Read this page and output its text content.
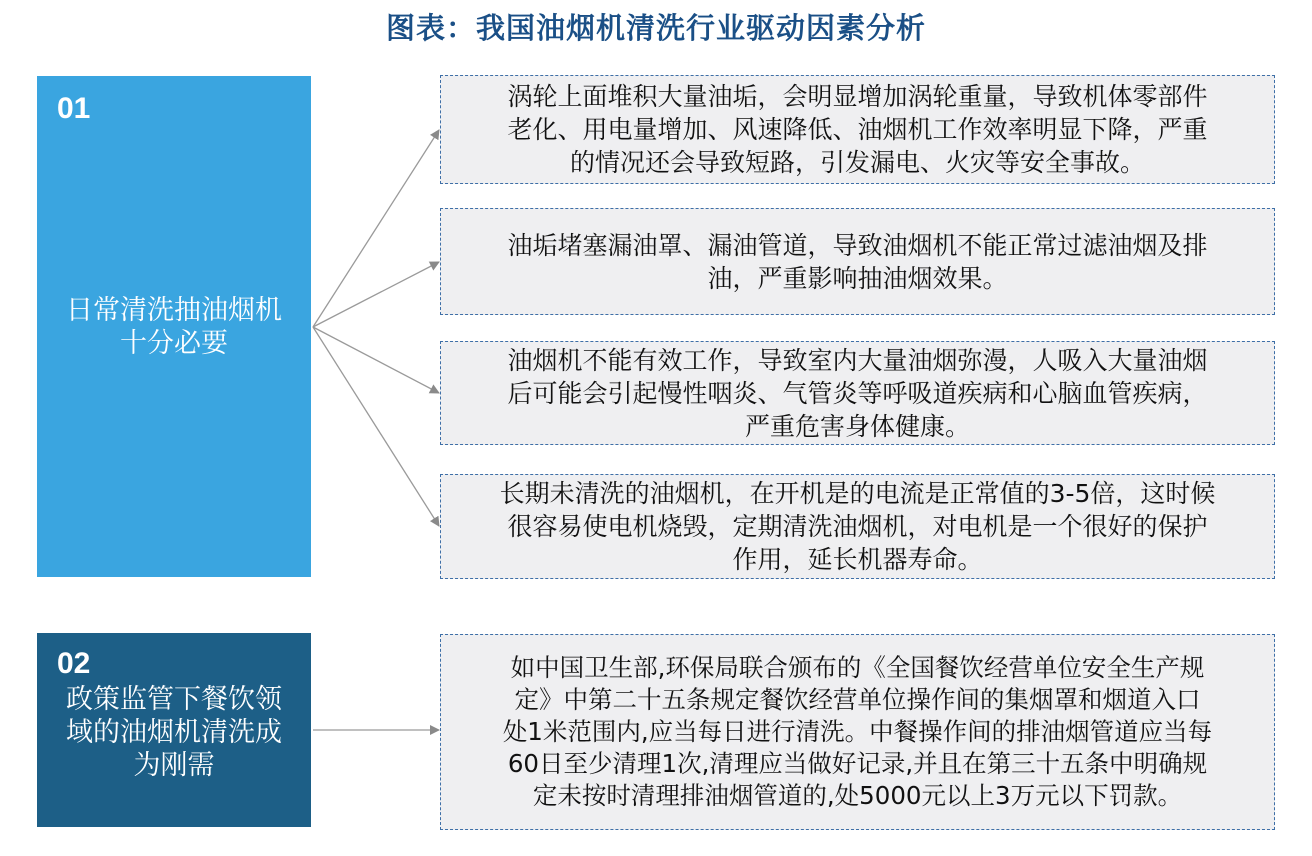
图表：我国油烟机清洗行业驱动因素分析
01
日常清洗抽油烟机
十分必要
02
政策监管下餐饮领
域的油烟机清洗成
为刚需
涡轮上面堆积大量油垢，会明显增加涡轮重量，导致机体零部件
老化、用电量增加、风速降低、油烟机工作效率明显下降，严重
的情况还会导致短路，引发漏电、火灾等安全事故。
油垢堵塞漏油罩、漏油管道，导致油烟机不能正常过滤油烟及排
油，严重影响抽油烟效果。
油烟机不能有效工作，导致室内大量油烟弥漫，人吸入大量油烟
后可能会引起慢性咽炎、气管炎等呼吸道疾病和心脑血管疾病，
严重危害身体健康。
长期未清洗的油烟机，在开机是的电流是正常值的3-5倍，这时候
很容易使电机烧毁，定期清洗油烟机，对电机是一个很好的保护
作用，延长机器寿命。
如中国卫生部,环保局联合颁布的《全国餐饮经营单位安全生产规
定》中第二十五条规定餐饮经营单位操作间的集烟罩和烟道入口
处1米范围内,应当每日进行清洗。中餐操作间的排油烟管道应当每
60日至少清理1次,清理应当做好记录,并且在第三十五条中明确规
定未按时清理排油烟管道的,处5000元以上3万元以下罚款。
